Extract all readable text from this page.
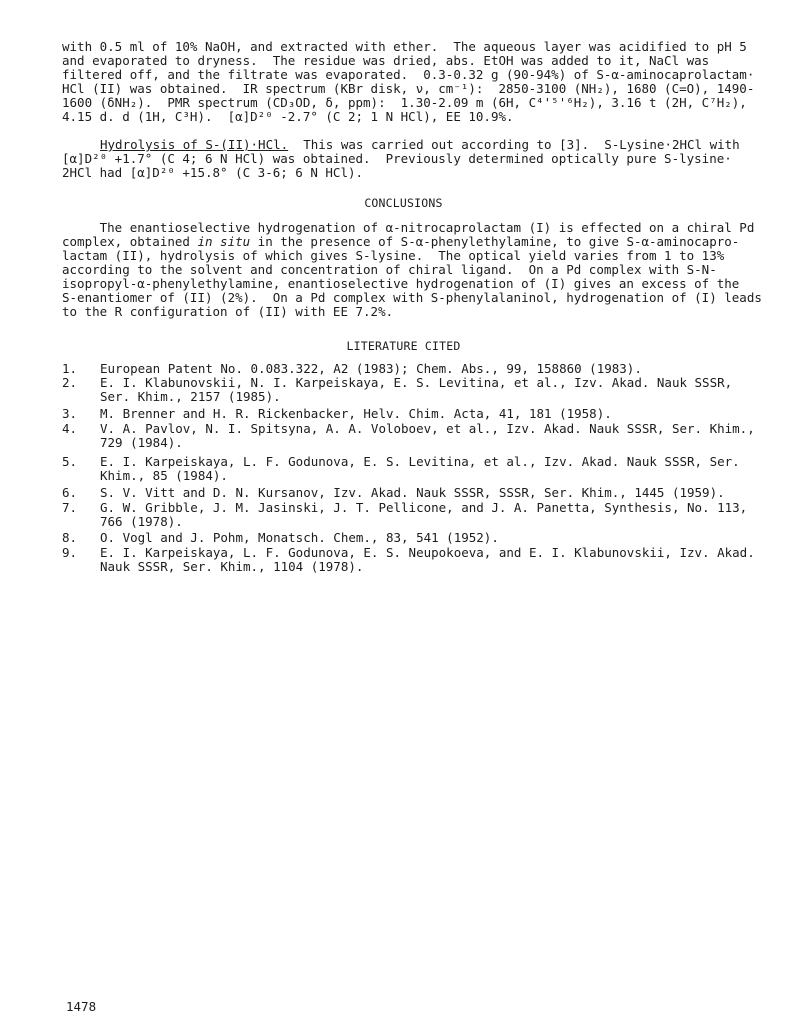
with 0.5 ml of 10% NaOH, and extracted with ether.  The aqueous layer was acidified to pH 5
and evaporated to dryness.  The residue was dried, abs. EtOH was added to it, NaCl was
filtered off, and the filtrate was evaporated.  0.3-0.32 g (90-94%) of S-α-aminocaprolactam·
HCl (II) was obtained.  IR spectrum (KBr disk, ν, cm⁻¹):  2850-3100 (NH₂), 1680 (C=O), 1490-
1600 (δNH₂).  PMR spectrum (CD₃OD, δ, ppm):  1.30-2.09 m (6H, C⁴'⁵'⁶H₂), 3.16 t (2H, C⁷H₂),
4.15 d. d (1H, C³H).  [α]D²⁰ -2.7° (C 2; 1 N HCl), EE 10.9%.
Hydrolysis of S-(II)·HCl.  This was carried out according to [3].  S-Lysine·2HCl with
[α]D²⁰ +1.7° (C 4; 6 N HCl) was obtained.  Previously determined optically pure S-lysine·
2HCl had [α]D²⁰ +15.8° (C 3-6; 6 N HCl).
CONCLUSIONS
The enantioselective hydrogenation of α-nitrocaprolactam (I) is effected on a chiral Pd
complex, obtained in situ in the presence of S-α-phenylethylamine, to give S-α-aminocapro-
lactam (II), hydrolysis of which gives S-lysine.  The optical yield varies from 1 to 13%
according to the solvent and concentration of chiral ligand.  On a Pd complex with S-N-
isopropyl-α-phenylethylamine, enantioselective hydrogenation of (I) gives an excess of the
S-enantiomer of (II) (2%).  On a Pd complex with S-phenylalaninol, hydrogenation of (I) leads
to the R configuration of (II) with EE 7.2%.
LITERATURE CITED
1. European Patent No. 0.083.322, A2 (1983); Chem. Abs., 99, 158860 (1983).
2. E. I. Klabunovskii, N. I. Karpeiskaya, E. S. Levitina, et al., Izv. Akad. Nauk SSSR,
Ser. Khim., 2157 (1985).
3. M. Brenner and H. R. Rickenbacker, Helv. Chim. Acta, 41, 181 (1958).
4. V. A. Pavlov, N. I. Spitsyna, A. A. Voloboev, et al., Izv. Akad. Nauk SSSR, Ser. Khim.,
729 (1984).
5. E. I. Karpeiskaya, L. F. Godunova, E. S. Levitina, et al., Izv. Akad. Nauk SSSR, Ser.
Khim., 85 (1984).
6. S. V. Vitt and D. N. Kursanov, Izv. Akad. Nauk SSSR, SSSR, Ser. Khim., 1445 (1959).
7. G. W. Gribble, J. M. Jasinski, J. T. Pellicone, and J. A. Panetta, Synthesis, No. 113,
766 (1978).
8. O. Vogl and J. Pohm, Monatsch. Chem., 83, 541 (1952).
9. E. I. Karpeiskaya, L. F. Godunova, E. S. Neupokoeva, and E. I. Klabunovskii, Izv. Akad.
Nauk SSSR, Ser. Khim., 1104 (1978).
1478
